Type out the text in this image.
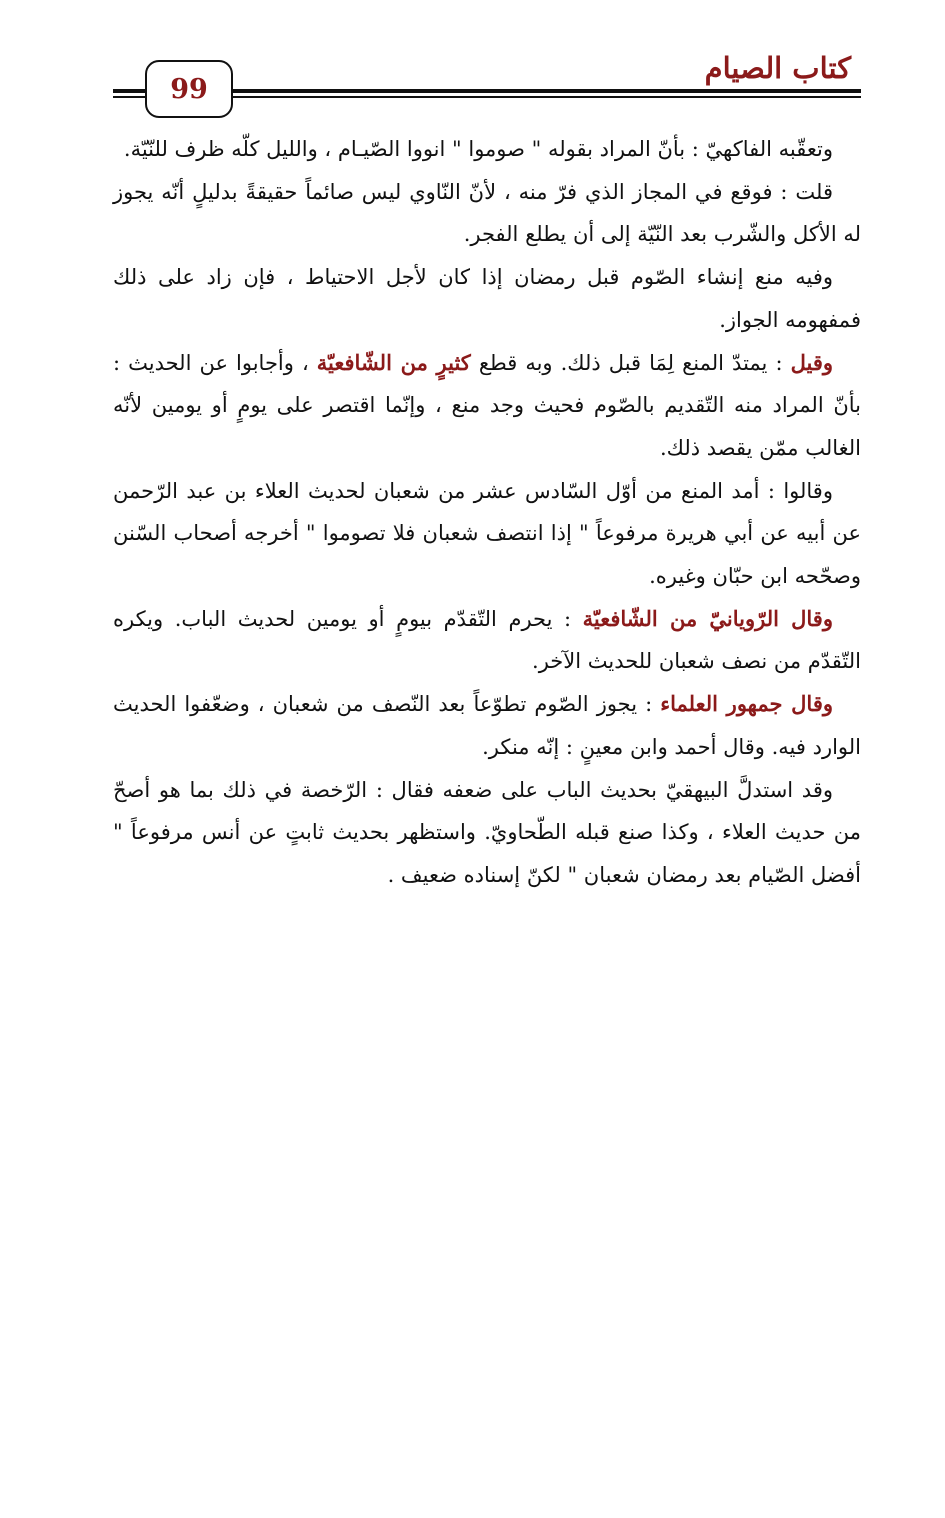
كتاب الصيام
99

وتعقّبه الفاكهيّ : بأنّ المراد بقوله " صوموا " انووا الصّيـام ، والليل كلّه ظرف للنّيّة.

قلت : فوقع في المجاز الذي فرّ منه ، لأنّ النّاوي ليس صائماً حقيقةً بدليلٍ أنّه يجوز له الأكل والشّرب بعد النّيّة إلى أن يطلع الفجر.

وفيه منع إنشاء الصّوم قبل رمضان إذا كان لأجل الاحتياط ، فإن زاد على ذلك فمفهومه الجواز.

وقيل : يمتدّ المنع لِمَا قبل ذلك. وبه قطع كثيرٍ من الشّافعيّة ، وأجابوا عن الحديث : بأنّ المراد منه التّقديم بالصّوم فحيث وجد منع ، وإنّما اقتصر على يومٍ أو يومين لأنّه الغالب ممّن يقصد ذلك.

وقالوا : أمد المنع من أوّل السّادس عشر من شعبان لحديث العلاء بن عبد الرّحمن عن أبيه عن أبي هريرة مرفوعاً " إذا انتصف شعبان فلا تصوموا " أخرجه أصحاب السّنن وصحّحه ابن حبّان وغيره.

وقال الرّويانيّ من الشّافعيّة : يحرم التّقدّم بيومٍ أو يومين لحديث الباب. ويكره التّقدّم من نصف شعبان للحديث الآخر.

وقال جمهور العلماء : يجوز الصّوم تطوّعاً بعد النّصف من شعبان ، وضعّفوا الحديث الوارد فيه. وقال أحمد وابن معينٍ : إنّه منكر.

وقد استدلَّ البيهقيّ بحديث الباب على ضعفه فقال : الرّخصة في ذلك بما هو أصحّ من حديث العلاء ، وكذا صنع قبله الطّحاويّ. واستظهر بحديث ثابتٍ عن أنس مرفوعاً " أفضل الصّيام بعد رمضان شعبان " لكنّ إسناده ضعيف .
